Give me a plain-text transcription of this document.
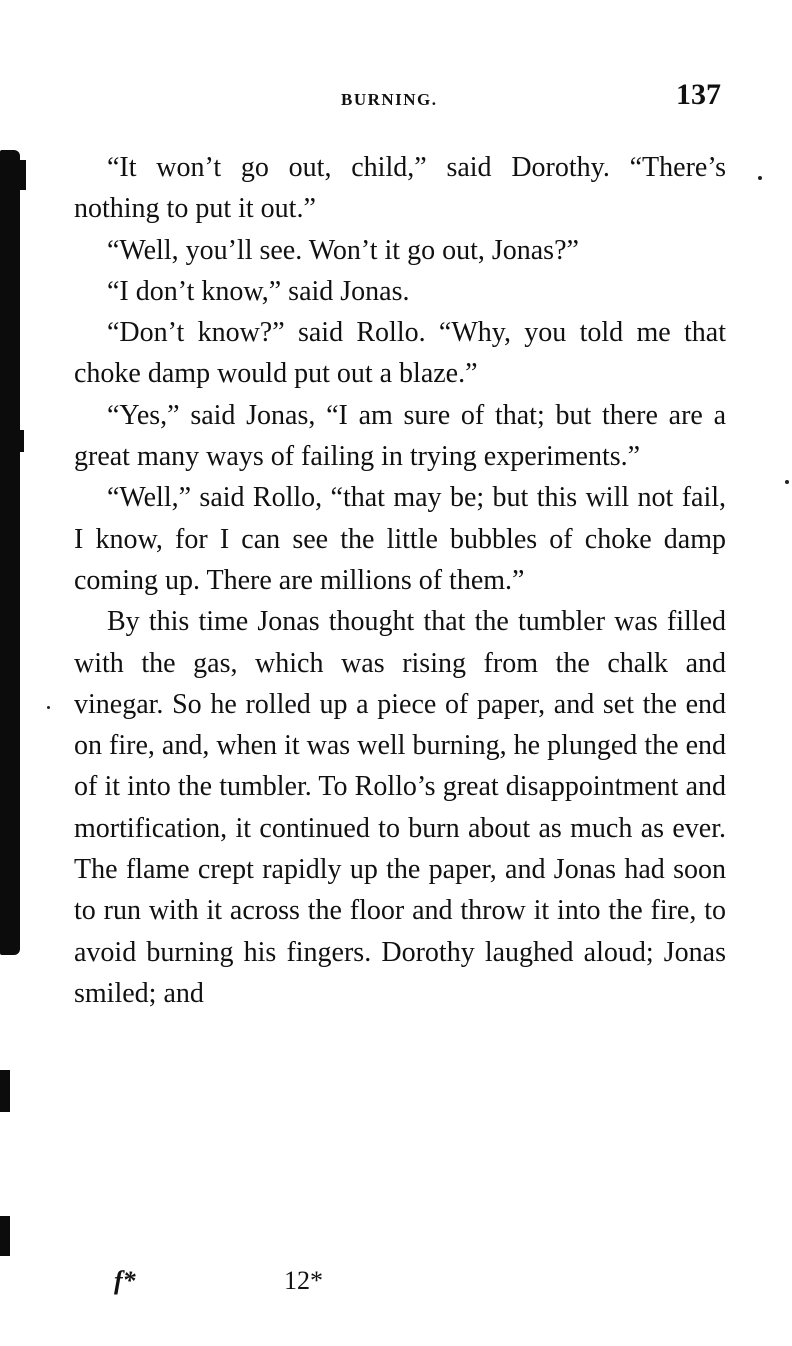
BURNING.	137

“It won’t go out, child,” said Dorothy. “There’s nothing to put it out.”

“Well, you’ll see. Won’t it go out, Jonas?”

“I don’t know,” said Jonas.

“Don’t know?” said Rollo. “Why, you told me that choke damp would put out a blaze.”

“Yes,” said Jonas, “I am sure of that; but there are a great many ways of failing in trying experiments.”

“Well,” said Rollo, “that may be; but this will not fail, I know, for I can see the little bubbles of choke damp coming up. There are millions of them.”

By this time Jonas thought that the tumbler was filled with the gas, which was rising from the chalk and vinegar. So he rolled up a piece of paper, and set the end on fire, and, when it was well burning, he plunged the end of it into the tumbler. To Rollo’s great disappointment and mortification, it continued to burn about as much as ever. The flame crept rapidly up the paper, and Jonas had soon to run with it across the floor and throw it into the fire, to avoid burning his fingers. Dorothy laughed aloud; Jonas smiled; and

f*	12*
